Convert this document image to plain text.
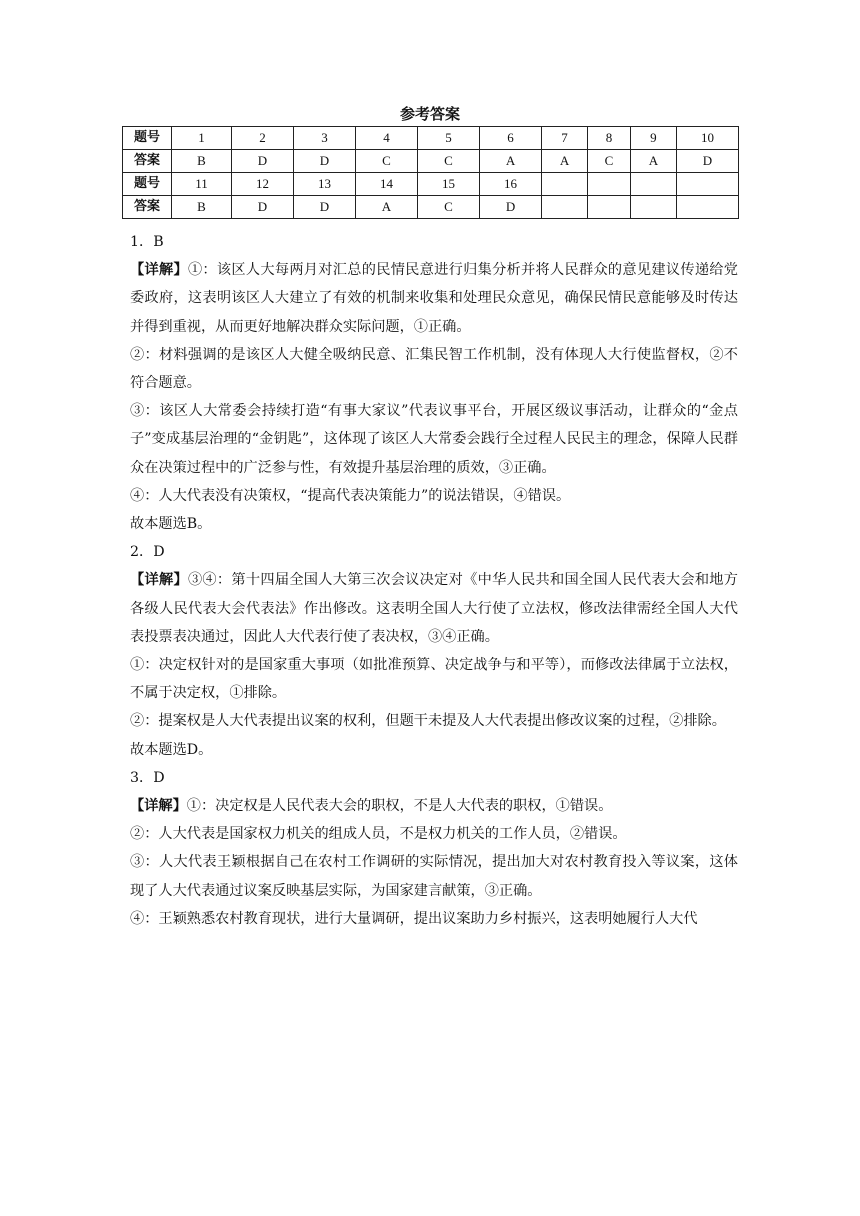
参考答案
题号	1	2	3	4	5	6	7	8	9	10
答案	B	D	D	C	C	A	A	C	A	D
题号	11	12	13	14	15	16				
答案	B	D	D	A	C	D				

1．B

【详解】①：该区人大每两月对汇总的民情民意进行归集分析并将人民群众的意见建议传递给党委政府，这表明该区人大建立了有效的机制来收集和处理民众意见，确保民情民意能够及时传达并得到重视，从而更好地解决群众实际问题，①正确。

②：材料强调的是该区人大健全吸纳民意、汇集民智工作机制，没有体现人大行使监督权，②不符合题意。

③：该区人大常委会持续打造“有事大家议”代表议事平台，开展区级议事活动，让群众的“金点子”变成基层治理的“金钥匙”，这体现了该区人大常委会践行全过程人民民主的理念，保障人民群众在决策过程中的广泛参与性，有效提升基层治理的质效，③正确。

④：人大代表没有决策权，“提高代表决策能力”的说法错误，④错误。

故本题选B。

2．D

【详解】③④：第十四届全国人大第三次会议决定对《中华人民共和国全国人民代表大会和地方各级人民代表大会代表法》作出修改。这表明全国人大行使了立法权，修改法律需经全国人大代表投票表决通过，因此人大代表行使了表决权，③④正确。

①：决定权针对的是国家重大事项（如批准预算、决定战争与和平等），而修改法律属于立法权，不属于决定权，①排除。

②：提案权是人大代表提出议案的权利，但题干未提及人大代表提出修改议案的过程，②排除。

故本题选D。

3．D

【详解】①：决定权是人民代表大会的职权，不是人大代表的职权，①错误。

②：人大代表是国家权力机关的组成人员，不是权力机关的工作人员，②错误。

③：人大代表王颖根据自己在农村工作调研的实际情况，提出加大对农村教育投入等议案，这体现了人大代表通过议案反映基层实际，为国家建言献策，③正确。

④：王颖熟悉农村教育现状，进行大量调研，提出议案助力乡村振兴，这表明她履行人大代
